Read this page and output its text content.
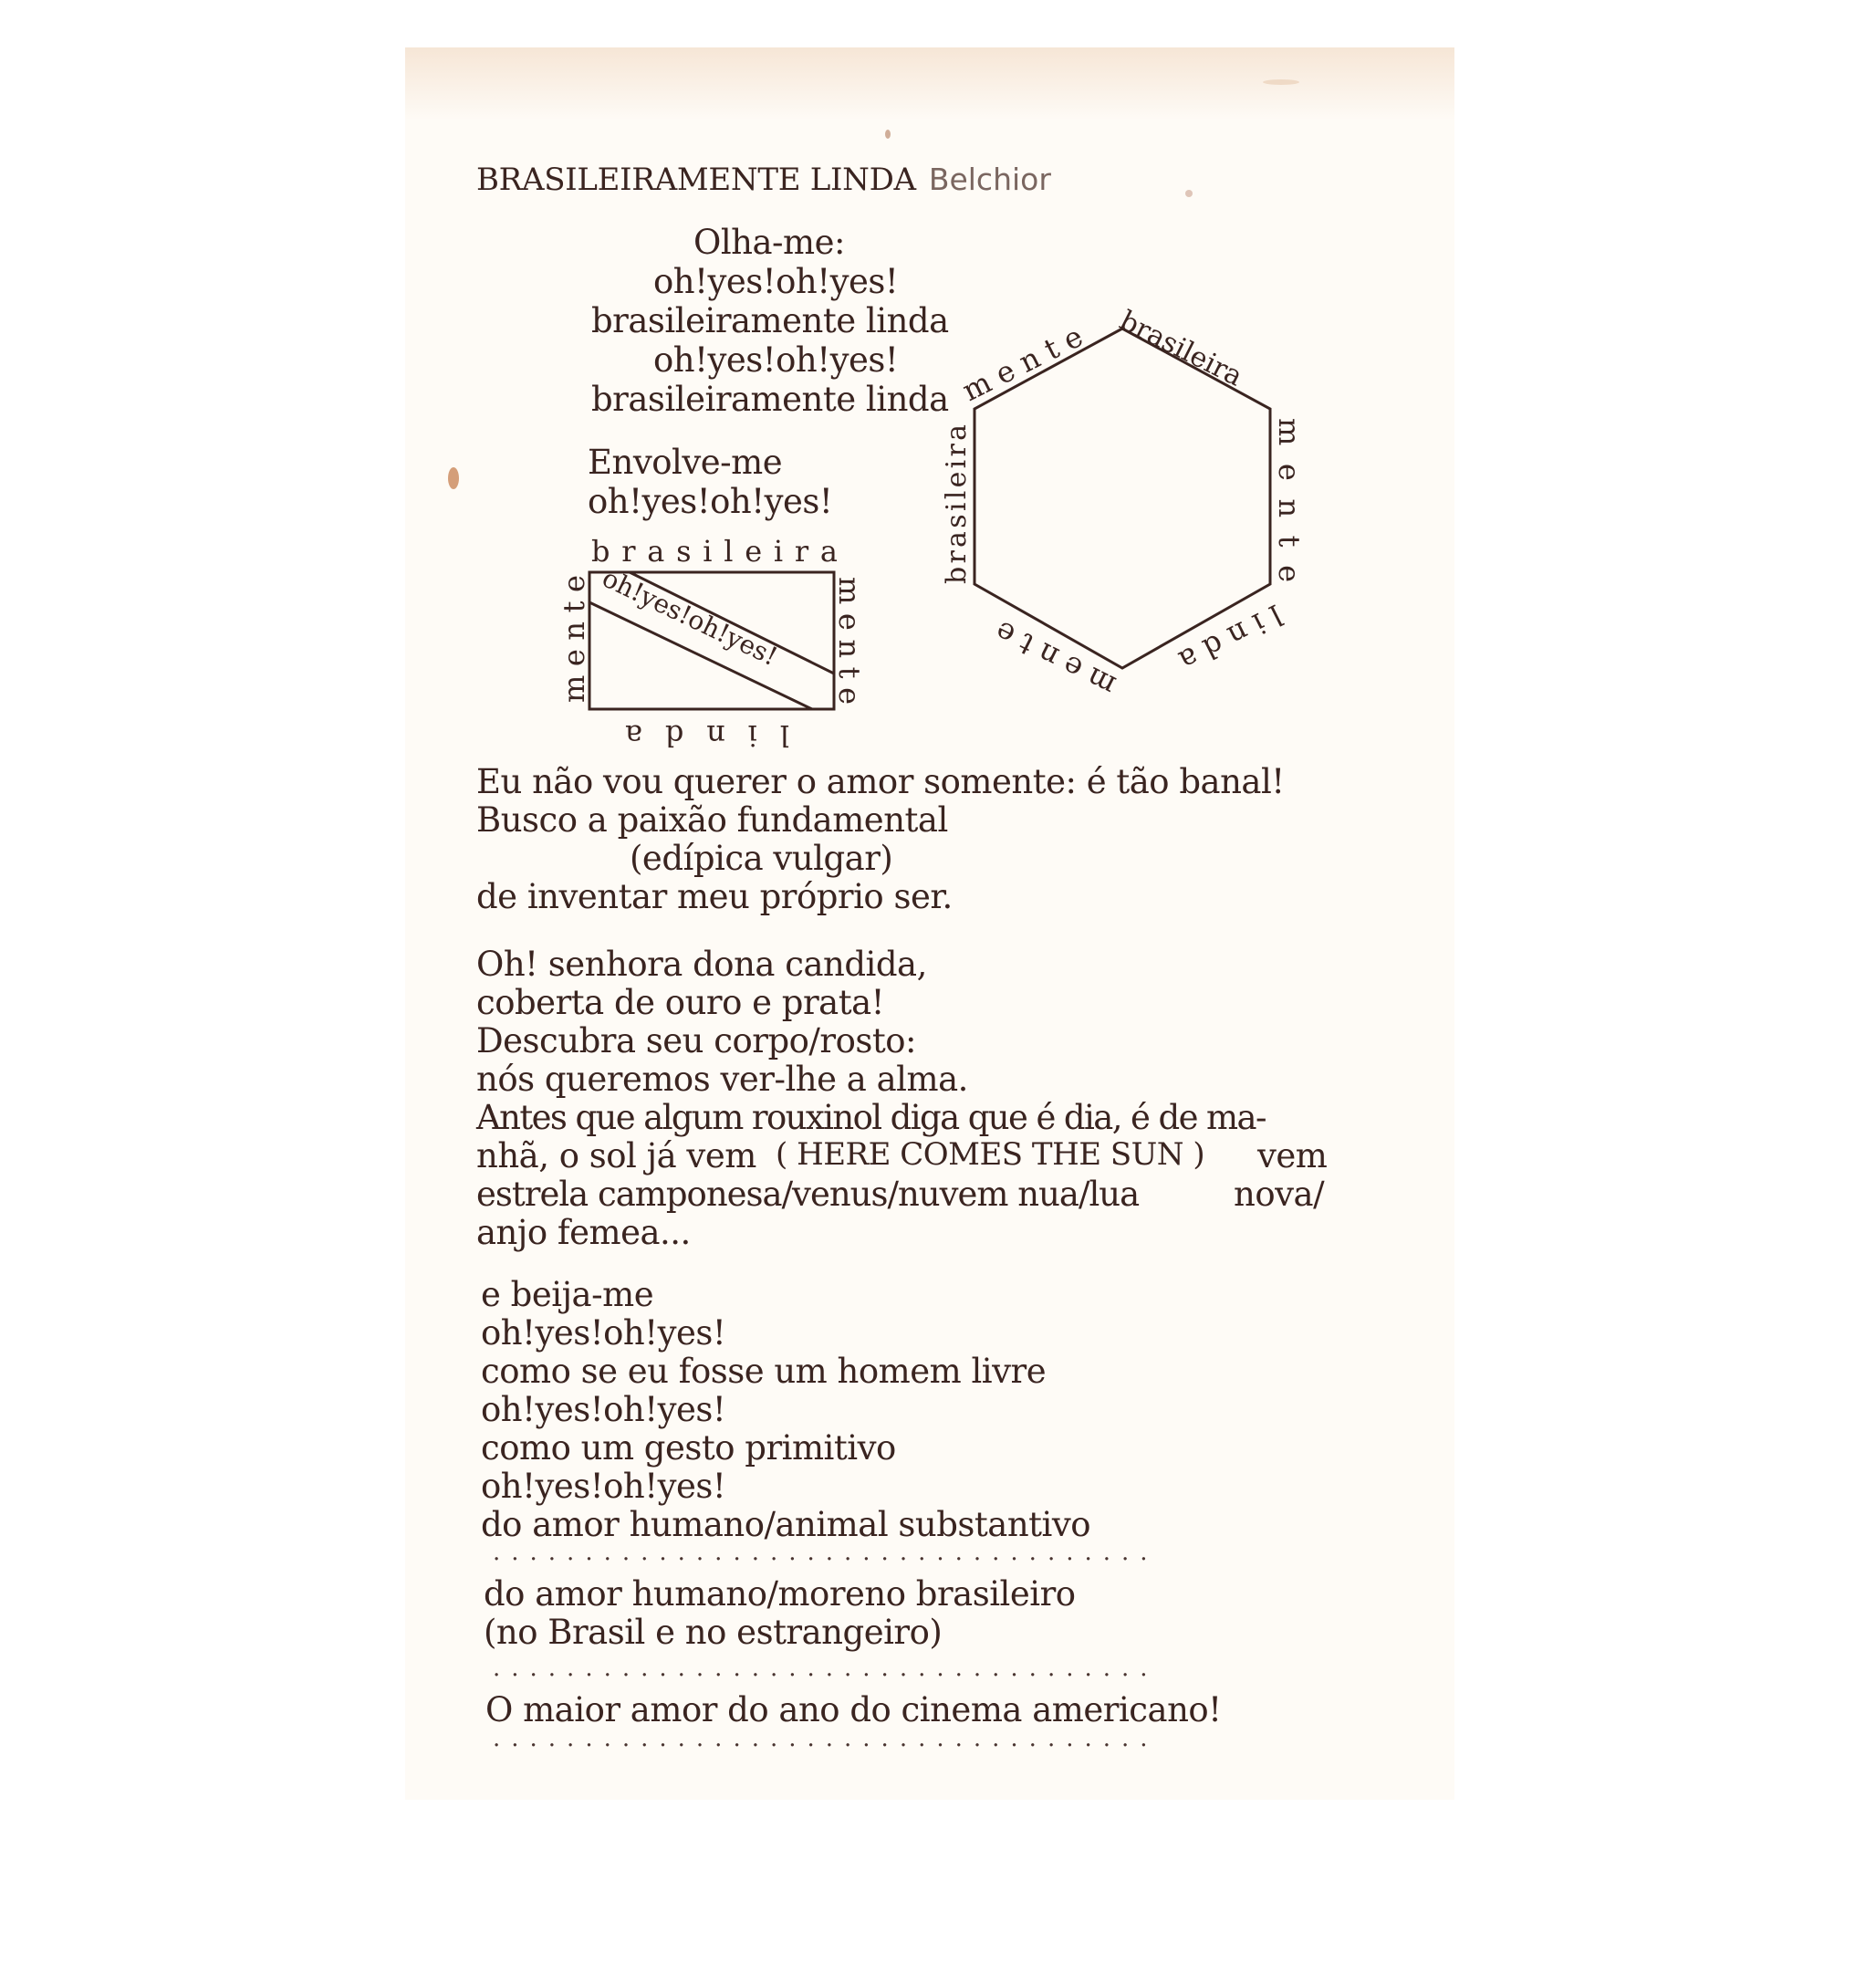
BRASILEIRAMENTE LINDA Belchior
Olha-me:
oh!yes!oh!yes!
brasileiramente linda
oh!yes!oh!yes!
brasileiramente linda
Envolve-me
oh!yes!oh!yes!
b r a s i l e i r a
mente	mente
l i n d a
oh!yes!oh!yes!
m e n t e brasileira
m e n t e
l i n d a
m e n t e
brasileira
Eu não vou querer o amor somente: é tão banal!
Busco a paixão fundamental
(edípica vulgar)
de inventar meu próprio ser.
Oh! senhora dona candida,
coberta de ouro e prata!
Descubra seu corpo/rosto:
nós queremos ver-lhe a alma.
Antes que algum rouxinol diga que é dia, é de ma-
nhã, o sol já vem ( HERE COMES THE SUN ) vem
estrela camponesa/venus/nuvem nua/lua	nova/
anjo femea...
e beija-me
oh!yes!oh!yes!
como se eu fosse um homem livre
oh!yes!oh!yes!
como um gesto primitivo
oh!yes!oh!yes!
do amor humano/animal substantivo
....................................
do amor humano/moreno brasileiro
(no Brasil e no estrangeiro)
....................................
O maior amor do ano do cinema americano!
....................................
